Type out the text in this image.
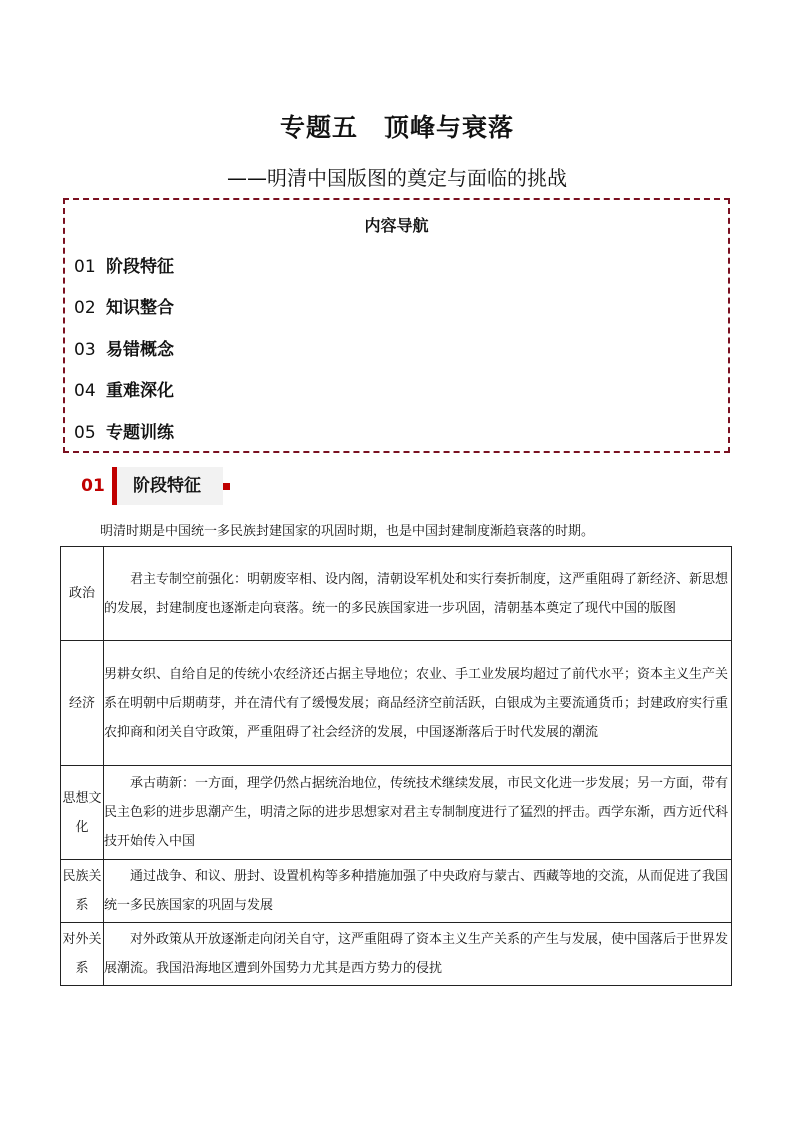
专题五　顶峰与衰落
——明清中国版图的奠定与面临的挑战
内容导航
01 阶段特征
02 知识整合
03 易错概念
04 重难深化
05 专题训练
01	阶段特征
明清时期是中国统一多民族封建国家的巩固时期，也是中国封建制度渐趋衰落的时期。
政治	君主专制空前强化：明朝废宰相、设内阁，清朝设军机处和实行奏折制度，这严重阻碍了新经济、新思想的发展，封建制度也逐渐走向衰落。统一的多民族国家进一步巩固，清朝基本奠定了现代中国的版图
经济	男耕女织、自给自足的传统小农经济还占据主导地位；农业、手工业发展均超过了前代水平；资本主义生产关系在明朝中后期萌芽，并在清代有了缓慢发展；商品经济空前活跃，白银成为主要流通货币；封建政府实行重农抑商和闭关自守政策，严重阻碍了社会经济的发展，中国逐渐落后于时代发展的潮流
思想文化	承古萌新：一方面，理学仍然占据统治地位，传统技术继续发展，市民文化进一步发展；另一方面，带有民主色彩的进步思潮产生，明清之际的进步思想家对君主专制制度进行了猛烈的抨击。西学东渐，西方近代科技开始传入中国
民族关系	通过战争、和议、册封、设置机构等多种措施加强了中央政府与蒙古、西藏等地的交流，从而促进了我国统一多民族国家的巩固与发展
对外关系	对外政策从开放逐渐走向闭关自守，这严重阻碍了资本主义生产关系的产生与发展，使中国落后于世界发展潮流。我国沿海地区遭到外国势力尤其是西方势力的侵扰
